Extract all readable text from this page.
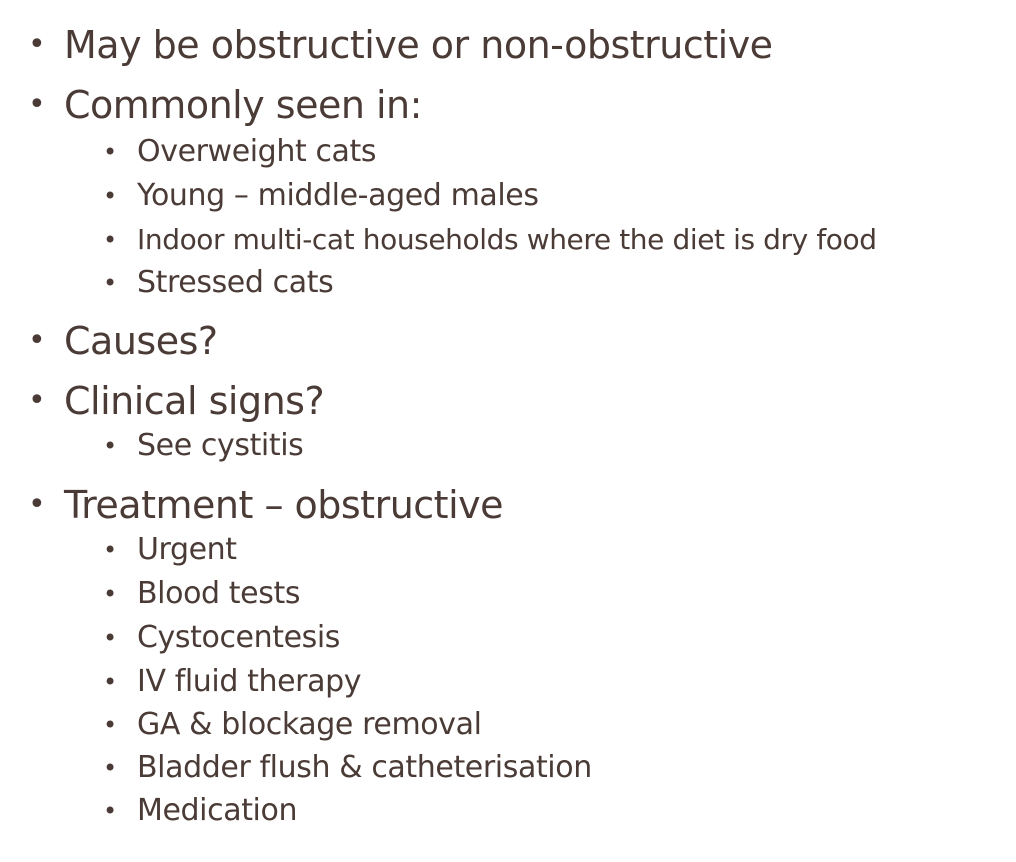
• May be obstructive or non-obstructive
• Commonly seen in:
• Overweight cats
• Young – middle-aged males
• Indoor multi-cat households where the diet is dry food
• Stressed cats
• Causes?
• Clinical signs?
• See cystitis
• Treatment – obstructive
• Urgent
• Blood tests
• Cystocentesis
• IV fluid therapy
• GA & blockage removal
• Bladder flush & catheterisation
• Medication
